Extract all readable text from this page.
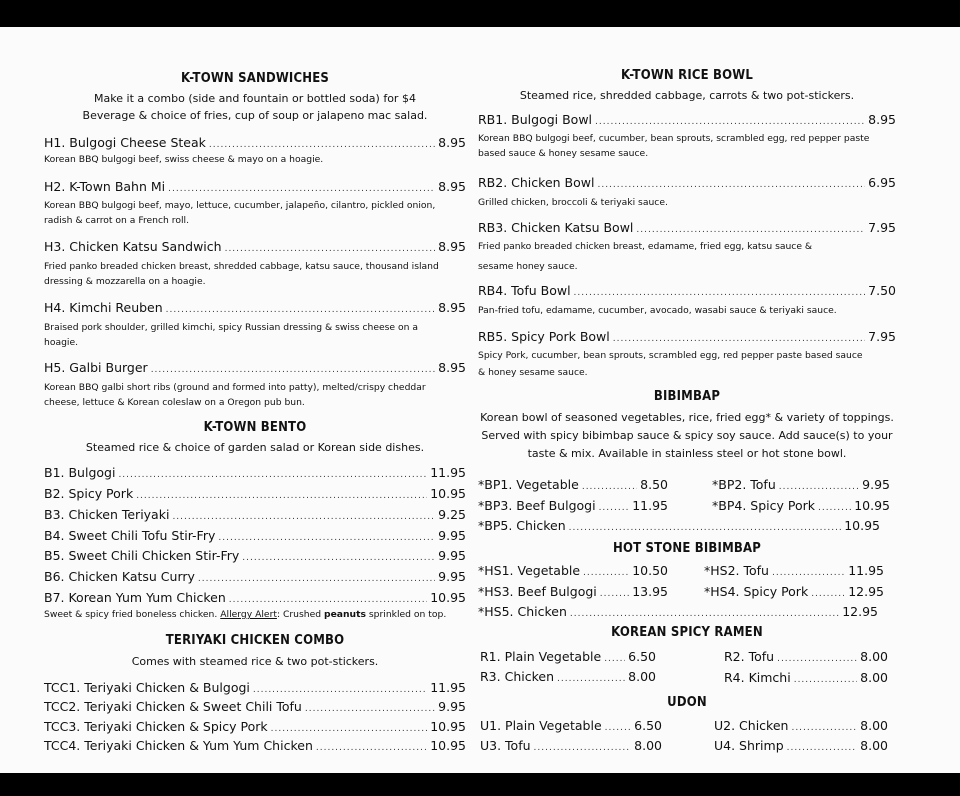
K-TOWN SANDWICHES
Make it a combo (side and fountain or bottled soda) for $4
Beverage & choice of fries, cup of soup or jalapeno mac salad.
H1. Bulgogi Cheese Steak .....	8.95
Korean BBQ bulgogi beef, swiss cheese & mayo on a hoagie.
H2. K-Town Bahn Mi .....	8.95
Korean BBQ bulgogi beef, mayo, lettuce, cucumber, jalapeño, cilantro, pickled onion,
radish & carrot on a French roll.
H3. Chicken Katsu Sandwich .....	8.95
Fried panko breaded chicken breast, shredded cabbage, katsu sauce, thousand island
dressing & mozzarella on a hoagie.
H4. Kimchi Reuben .....	8.95
Braised pork shoulder, grilled kimchi, spicy Russian dressing & swiss cheese on a
hoagie.
H5. Galbi Burger .....	8.95
Korean BBQ galbi short ribs (ground and formed into patty), melted/crispy cheddar
cheese, lettuce & Korean coleslaw on a Oregon pub bun.
K-TOWN BENTO
Steamed rice & choice of garden salad or Korean side dishes.
B1. Bulgogi .....	11.95
B2. Spicy Pork .....	10.95
B3. Chicken Teriyaki .....	9.25
B4. Sweet Chili Tofu Stir-Fry .....	9.95
B5. Sweet Chili Chicken Stir-Fry .....	9.95
B6. Chicken Katsu Curry .....	9.95
B7. Korean Yum Yum Chicken .....	10.95
Sweet & spicy fried boneless chicken. Allergy Alert: Crushed peanuts sprinkled on top.
TERIYAKI CHICKEN COMBO
Comes with steamed rice & two pot-stickers.
TCC1. Teriyaki Chicken & Bulgogi .....	11.95
TCC2. Teriyaki Chicken & Sweet Chili Tofu .....	9.95
TCC3. Teriyaki Chicken & Spicy Pork .....	10.95
TCC4. Teriyaki Chicken & Yum Yum Chicken .....	10.95
K-TOWN RICE BOWL
Steamed rice, shredded cabbage, carrots & two pot-stickers.
RB1. Bulgogi Bowl .....	8.95
Korean BBQ bulgogi beef, cucumber, bean sprouts, scrambled egg, red pepper paste
based sauce & honey sesame sauce.
RB2. Chicken Bowl .....	6.95
Grilled chicken, broccoli & teriyaki sauce.
RB3. Chicken Katsu Bowl .....	7.95
Fried panko breaded chicken breast, edamame, fried egg, katsu sauce &
sesame honey sauce.
RB4. Tofu Bowl .....	7.50
Pan-fried tofu, edamame, cucumber, avocado, wasabi sauce & teriyaki sauce.
RB5. Spicy Pork Bowl .....	7.95
Spicy Pork, cucumber, bean sprouts, scrambled egg, red pepper paste based sauce
& honey sesame sauce.
BIBIMBAP
Korean bowl of seasoned vegetables, rice, fried egg* & variety of toppings.
Served with spicy bibimbap sauce & spicy soy sauce. Add sauce(s) to your
taste & mix. Available in stainless steel or hot stone bowl.
*BP1. Vegetable .....	8.50	*BP2. Tofu .....	9.95
*BP3. Beef Bulgogi .....	11.95	*BP4. Spicy Pork .....	10.95
*BP5. Chicken .....	10.95
HOT STONE BIBIMBAP
*HS1. Vegetable .....	10.50	*HS2. Tofu .....	11.95
*HS3. Beef Bulgogi .....	13.95	*HS4. Spicy Pork .....	12.95
*HS5. Chicken .....	12.95
KOREAN SPICY RAMEN
R1. Plain Vegetable ..... 6.50	R2. Tofu .....	8.00
R3. Chicken .....	8.00	R4. Kimchi .....	8.00
UDON
U1. Plain Vegetable .....	6.50	U2. Chicken .....	8.00
U3. Tofu .....	8.00	U4. Shrimp .....	8.00
